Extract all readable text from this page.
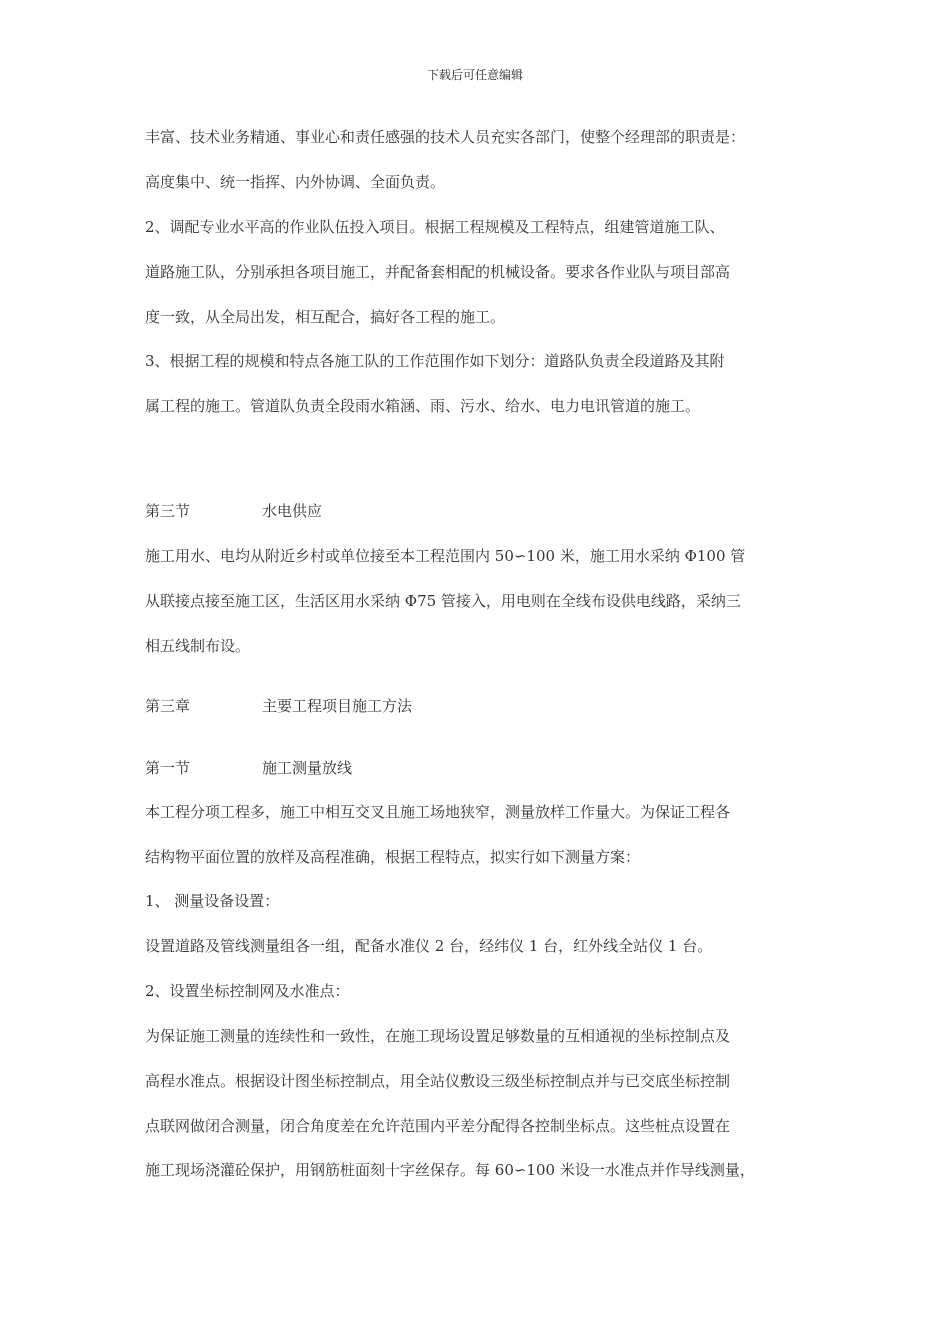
下载后可任意编辑
丰富、技术业务精通、事业心和责任感强的技术人员充实各部门，使整个经理部的职责是：
高度集中、统一指挥、内外协调、全面负责。
2、调配专业水平高的作业队伍投入项目。根据工程规模及工程特点，组建管道施工队、
道路施工队，分别承担各项目施工，并配备套相配的机械设备。要求各作业队与项目部高
度一致，从全局出发，相互配合，搞好各工程的施工。
3、根据工程的规模和特点各施工队的工作范围作如下划分：道路队负责全段道路及其附
属工程的施工。管道队负责全段雨水箱涵、雨、污水、给水、电力电讯管道的施工。
第三节	水电供应
施工用水、电均从附近乡村或单位接至本工程范围内 50∽100 米，施工用水采纳 Φ100 管
从联接点接至施工区，生活区用水采纳 Φ75 管接入，用电则在全线布设供电线路，采纳三
相五线制布设。
第三章	主要工程项目施工方法
第一节	施工测量放线
本工程分项工程多，施工中相互交叉且施工场地狭窄，测量放样工作量大。为保证工程各
结构物平面位置的放样及高程准确，根据工程特点，拟实行如下测量方案：
1、 测量设备设置：
设置道路及管线测量组各一组，配备水准仪 2 台，经纬仪 1 台，红外线全站仪 1 台。
2、设置坐标控制网及水准点：
为保证施工测量的连续性和一致性，在施工现场设置足够数量的互相通视的坐标控制点及
高程水准点。根据设计图坐标控制点，用全站仪敷设三级坐标控制点并与已交底坐标控制
点联网做闭合测量，闭合角度差在允许范围内平差分配得各控制坐标点。这些桩点设置在
施工现场浇灌砼保护，用钢筋桩面刻十字丝保存。每 60∽100 米设一水准点并作导线测量，
